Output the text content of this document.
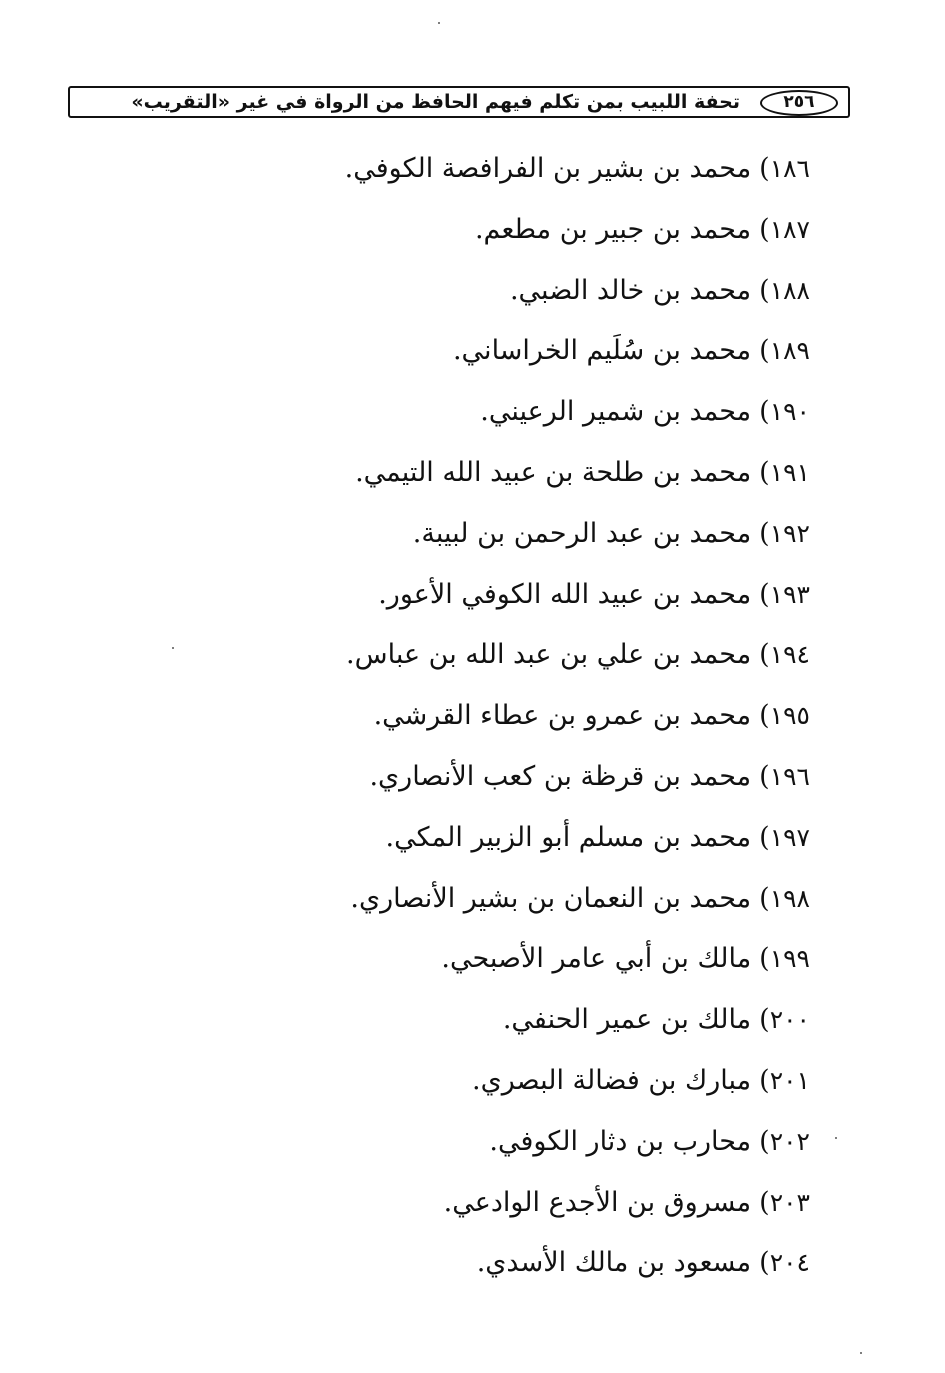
٢٥٦
تحفة اللبيب بمن تكلم فيهم الحافظ من الرواة في غير «التقريب»
١٨٦)محمد بن بشير بن الفرافصة الكوفي.
١٨٧)محمد بن جبير بن مطعم.
١٨٨)محمد بن خالد الضبي.
١٨٩)محمد بن سُلَيم الخراساني.
١٩٠)محمد بن شمير الرعيني.
١٩١)محمد بن طلحة بن عبيد الله التيمي.
١٩٢)محمد بن عبد الرحمن بن لبيبة.
١٩٣)محمد بن عبيد الله الكوفي الأعور.
١٩٤)محمد بن علي بن عبد الله بن عباس.
١٩٥)محمد بن عمرو بن عطاء القرشي.
١٩٦)محمد بن قرظة بن كعب الأنصاري.
١٩٧)محمد بن مسلم أبو الزبير المكي.
١٩٨)محمد بن النعمان بن بشير الأنصاري.
١٩٩)مالك بن أبي عامر الأصبحي.
٢٠٠)مالك بن عمير الحنفي.
٢٠١)مبارك بن فضالة البصري.
٢٠٢)محارب بن دثار الكوفي.
٢٠٣)مسروق بن الأجدع الوادعي.
٢٠٤)مسعود بن مالك الأسدي.
